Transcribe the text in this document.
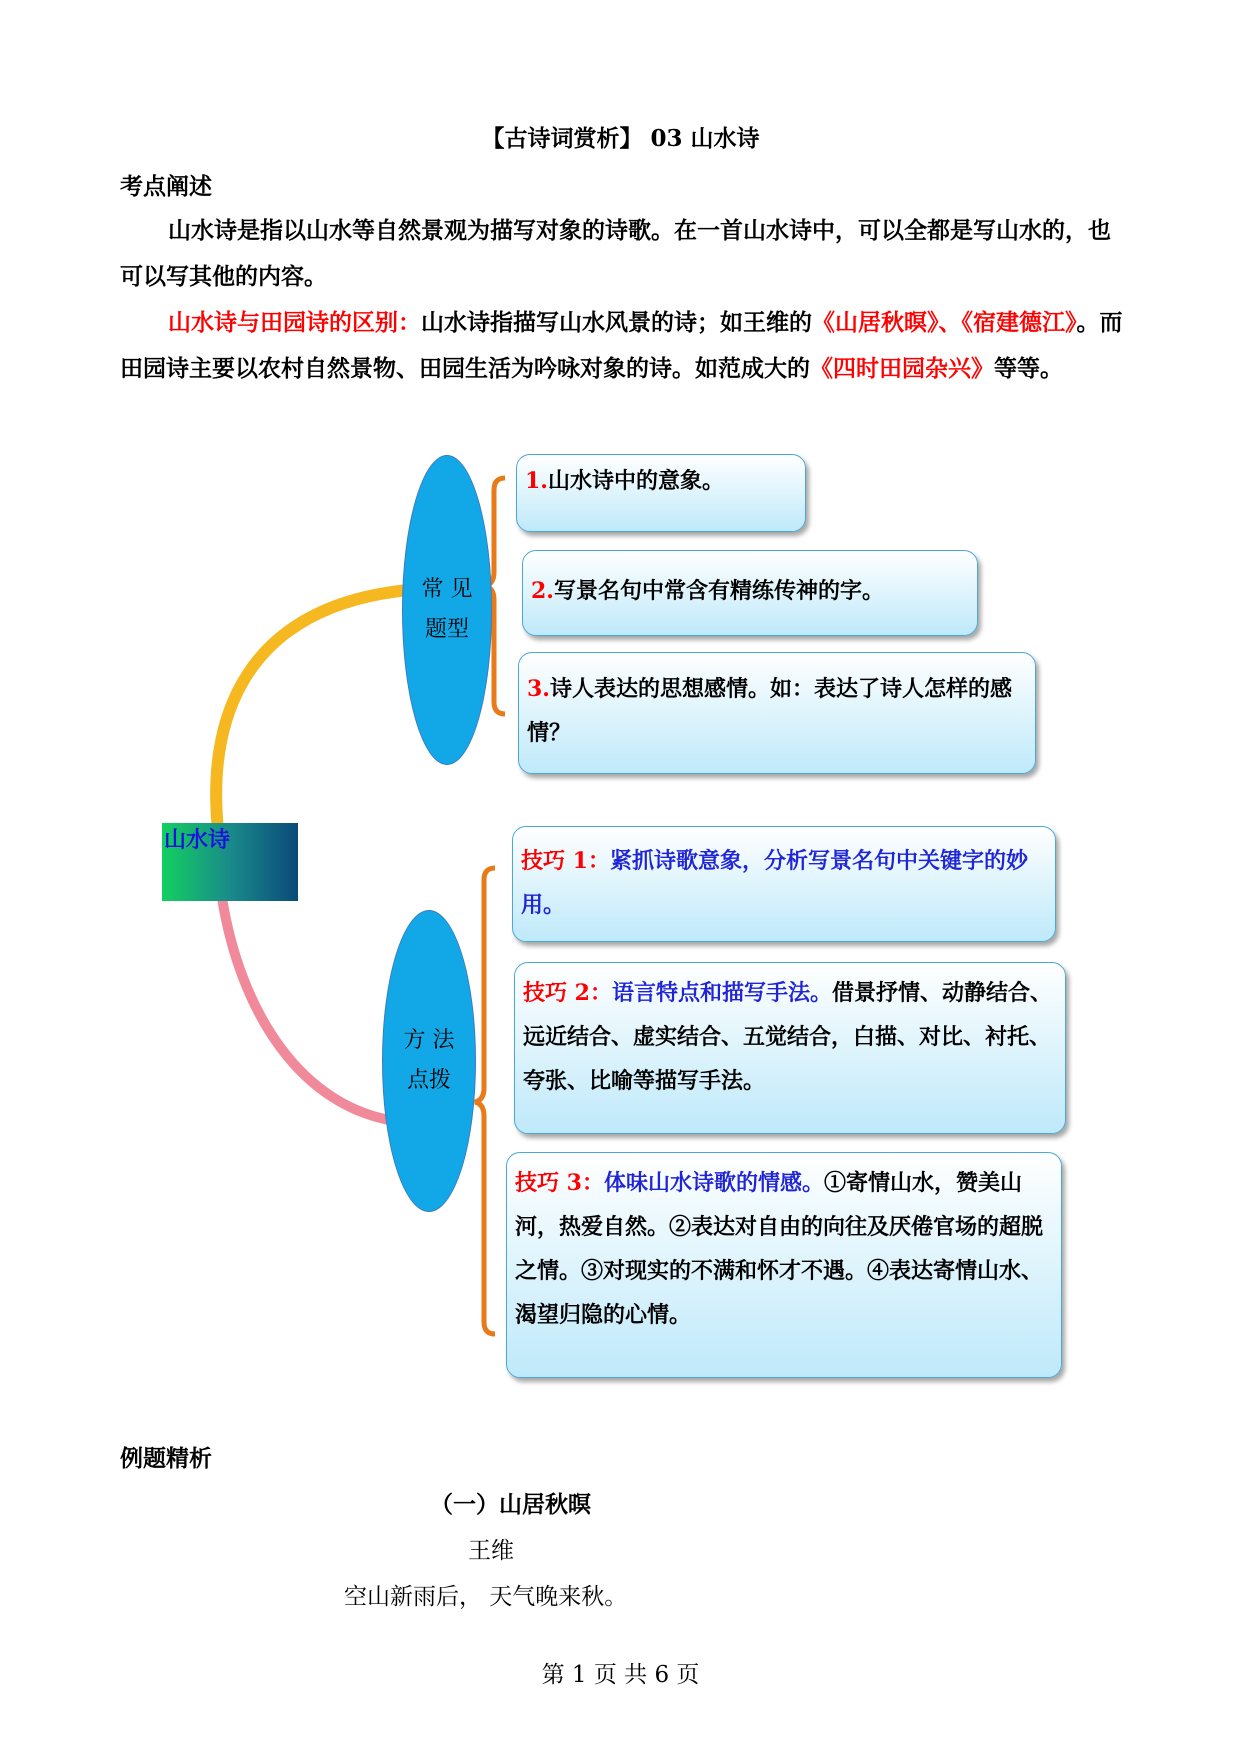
【古诗词赏析】 03 山水诗
考点阐述
山水诗是指以山水等自然景观为描写对象的诗歌。在一首山水诗中，可以全都是写山水的，也可以写其他的内容。
山水诗与田园诗的区别：山水诗指描写山水风景的诗；如王维的《山居秋暝》、《宿建德江》。而田园诗主要以农村自然景物、田园生活为吟咏对象的诗。如范成大的《四时田园杂兴》等等。
山水诗
常 见
题型
方 法
点拨
1.山水诗中的意象。
2.写景名句中常含有精练传神的字。
3.诗人表达的思想感情。如：表达了诗人怎样的感情？
技巧 1：紧抓诗歌意象，分析写景名句中关键字的妙用。
技巧 2：语言特点和描写手法。借景抒情、动静结合、远近结合、虚实结合、五觉结合，白描、对比、衬托、夸张、比喻等描写手法。
技巧 3：体味山水诗歌的情感。①寄情山水，赞美山河，热爱自然。②表达对自由的向往及厌倦官场的超脱之情。③对现实的不满和怀才不遇。④表达寄情山水、渴望归隐的心情。
例题精析
（一）山居秋暝
王维
空山新雨后， 天气晚来秋。
第 1 页 共 6 页
